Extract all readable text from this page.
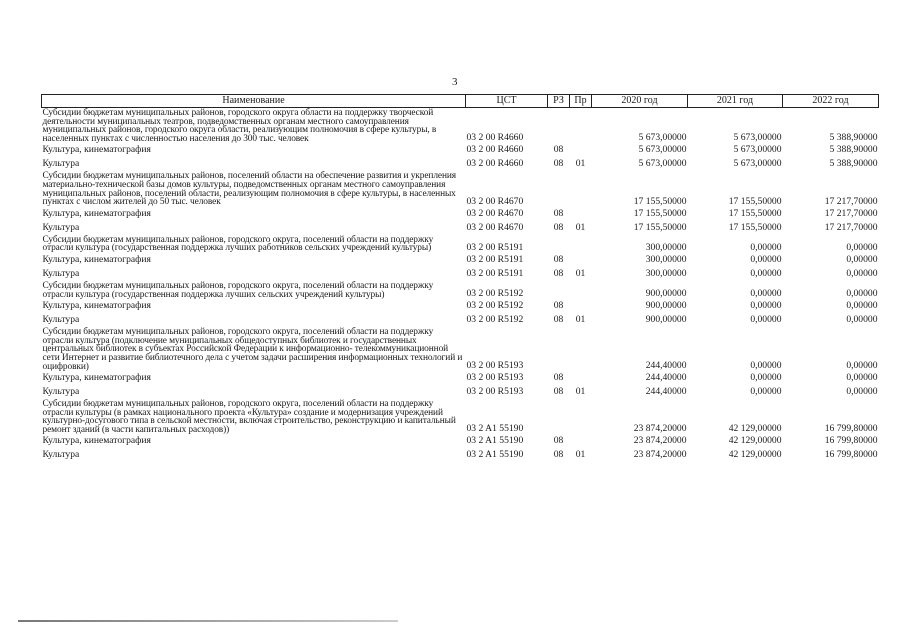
3
Наименование	ЦСТ	РЗ	Пр	2020 год	2021 год	2022 год
Субсидии бюджетам муниципальных районов, городского округа области на поддержку творческой деятельности муниципальных театров, подведомственных органам местного самоуправления муниципальных районов, городского округа области, реализующим полномочия в сфере культуры, в населенных пунктах с численностью населения до 300 тыс. человек	03 2 00 R4660			5 673,00000	5 673,00000	5 388,90000
Культура, кинематография	03 2 00 R4660	08		5 673,00000	5 673,00000	5 388,90000
Культура	03 2 00 R4660	08	01	5 673,00000	5 673,00000	5 388,90000
Субсидии бюджетам муниципальных районов, поселений области на обеспечение развития и укрепления материально-технической базы домов культуры, подведомственных органам местного самоуправления муниципальных районов, поселений области, реализующим полномочия в сфере культуры, в населенных пунктах с числом жителей до 50 тыс. человек	03 2 00 R4670			17 155,50000	17 155,50000	17 217,70000
Культура, кинематография	03 2 00 R4670	08		17 155,50000	17 155,50000	17 217,70000
Культура	03 2 00 R4670	08	01	17 155,50000	17 155,50000	17 217,70000
Субсидии бюджетам муниципальных районов, городского округа, поселений области на поддержку отрасли культура (государственная поддержка лучших работников сельских учреждений культуры)	03 2 00 R5191			300,00000	0,00000	0,00000
Культура, кинематография	03 2 00 R5191	08		300,00000	0,00000	0,00000
Культура	03 2 00 R5191	08	01	300,00000	0,00000	0,00000
Субсидии бюджетам муниципальных районов, городского округа, поселений области на поддержку отрасли культура (государственная поддержка лучших сельских учреждений культуры)	03 2 00 R5192			900,00000	0,00000	0,00000
Культура, кинематография	03 2 00 R5192	08		900,00000	0,00000	0,00000
Культура	03 2 00 R5192	08	01	900,00000	0,00000	0,00000
Субсидии бюджетам муниципальных районов, городского округа, поселений области на поддержку отрасли культура (подключение муниципальных общедоступных библиотек и государственных центральных библиотек в субъектах Российской Федерации к информационно- телекоммуникационной сети Интернет и развитие библиотечного дела с учетом задачи расширения информационных технологий и оцифровки)	03 2 00 R5193			244,40000	0,00000	0,00000
Культура, кинематография	03 2 00 R5193	08		244,40000	0,00000	0,00000
Культура	03 2 00 R5193	08	01	244,40000	0,00000	0,00000
Субсидии бюджетам муниципальных районов, городского округа, поселений области на поддержку отрасли культуры (в рамках национального проекта «Культура» создание и модернизация учреждений культурно-досугового типа в сельской местности, включая строительство, реконструкцию и капитальный ремонт зданий (в части капитальных расходов))	03 2 A1 55190			23 874,20000	42 129,00000	16 799,80000
Культура, кинематография	03 2 A1 55190	08		23 874,20000	42 129,00000	16 799,80000
Культура	03 2 A1 55190	08	01	23 874,20000	42 129,00000	16 799,80000
